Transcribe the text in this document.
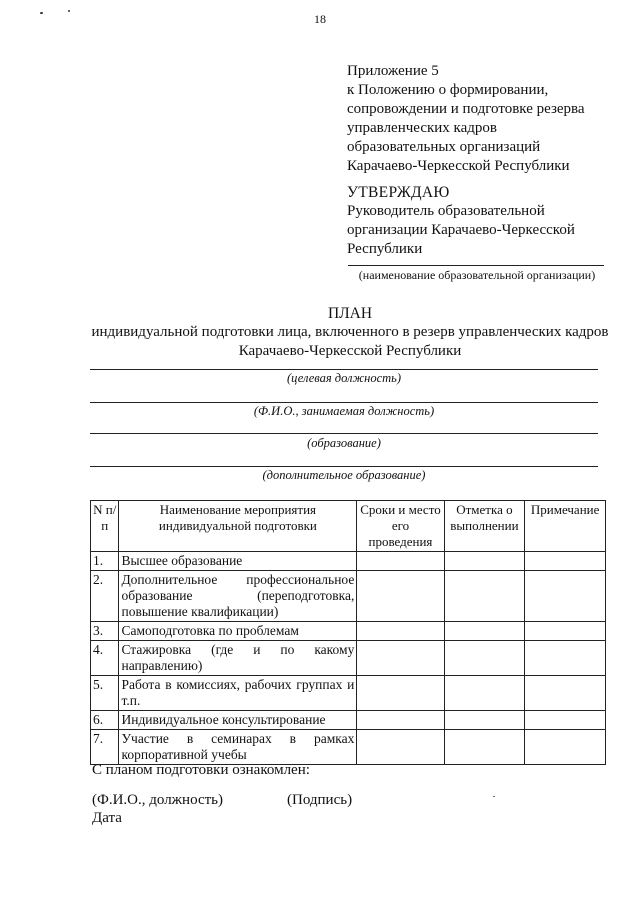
18
Приложение 5
к Положению о формировании,
сопровождении и подготовке резерва
управленческих кадров
образовательных организаций
Карачаево-Черкесской Республики
УТВЕРЖДАЮ
Руководитель образовательной
организации Карачаево-Черкесской
Республики
(наименование образовательной организации)
ПЛАН
индивидуальной подготовки лица, включенного в резерв управленческих кадров
Карачаево-Черкесской Республики
(целевая должность)
(Ф.И.О., занимаемая должность)
(образование)
(дополнительное образование)
N п/п	Наименование мероприятия индивидуальной подготовки	Сроки и место его проведения	Отметка о выполнении	Примечание
1.	Высшее образование			
2.	Дополнительное профессиональное образование (переподготовка, повышение квалификации)			
3.	Самоподготовка по проблемам			
4.	Стажировка (где и по какому направлению)			
5.	Работа в комиссиях, рабочих группах и т.п.			
6.	Индивидуальное консультирование			
7.	Участие в семинарах в рамках корпоративной учебы			
С планом подготовки ознакомлен:
(Ф.И.О., должность)	(Подпись)
Дата
